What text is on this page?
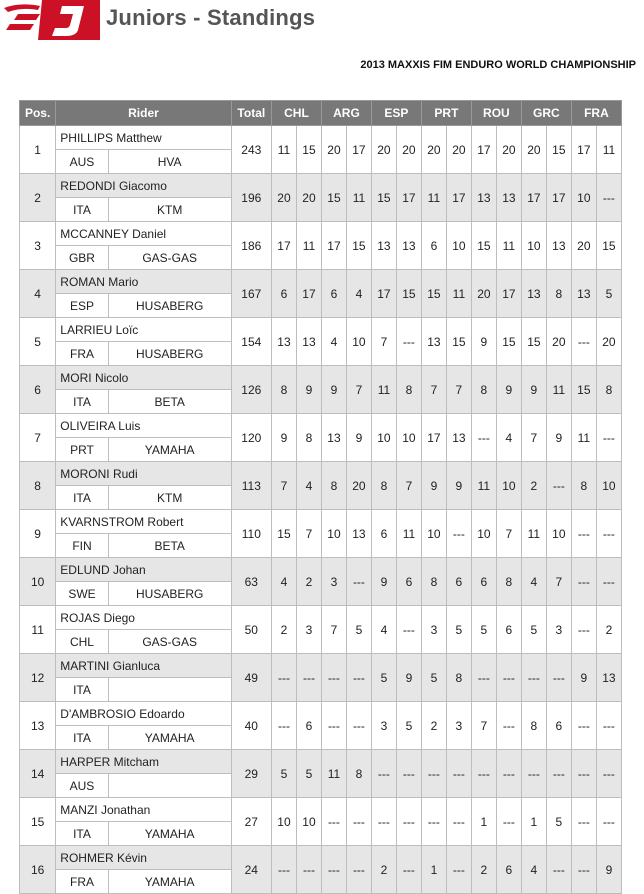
Juniors - Standings
2013 MAXXIS FIM ENDURO WORLD CHAMPIONSHIP
Pos.	Rider		Total	CHL		ARG		ESP		PRT		ROU		GRC		FRA	
1	PHILLIPS Matthew		243	11	15	20	17	20	20	20	20	17	20	20	15	17	11
	AUS	HVA															
2	REDONDI Giacomo		196	20	20	15	11	15	17	11	17	13	13	17	17	10	---
	ITA	KTM															
3	MCCANNEY Daniel		186	17	11	17	15	13	13	6	10	15	11	10	13	20	15
	GBR	GAS-GAS															
4	ROMAN Mario		167	6	17	6	4	17	15	15	11	20	17	13	8	13	5
	ESP	HUSABERG															
5	LARRIEU Loïc		154	13	13	4	10	7	---	13	15	9	15	15	20	---	20
	FRA	HUSABERG															
6	MORI Nicolo		126	8	9	9	7	11	8	7	7	8	9	9	11	15	8
	ITA	BETA															
7	OLIVEIRA Luis		120	9	8	13	9	10	10	17	13	---	4	7	9	11	---
	PRT	YAMAHA															
8	MORONI Rudi		113	7	4	8	20	8	7	9	9	11	10	2	---	8	10
	ITA	KTM															
9	KVARNSTROM Robert		110	15	7	10	13	6	11	10	---	10	7	11	10	---	---
	FIN	BETA															
10	EDLUND Johan		63	4	2	3	---	9	6	8	6	6	8	4	7	---	---
	SWE	HUSABERG															
11	ROJAS Diego		50	2	3	7	5	4	---	3	5	5	6	5	3	---	2
	CHL	GAS-GAS															
12	MARTINI Gianluca		49	---	---	---	---	5	9	5	8	---	---	---	---	9	13
	ITA																
13	D'AMBROSIO Edoardo		40	---	6	---	---	3	5	2	3	7	---	8	6	---	---
	ITA	YAMAHA															
14	HARPER Mitcham		29	5	5	11	8	---	---	---	---	---	---	---	---	---	---
	AUS																
15	MANZI Jonathan		27	10	10	---	---	---	---	---	---	1	---	1	5	---	---
	ITA	YAMAHA															
16	ROHMER Kévin		24	---	---	---	---	2	---	1	---	2	6	4	---	---	9
	FRA	YAMAHA															
